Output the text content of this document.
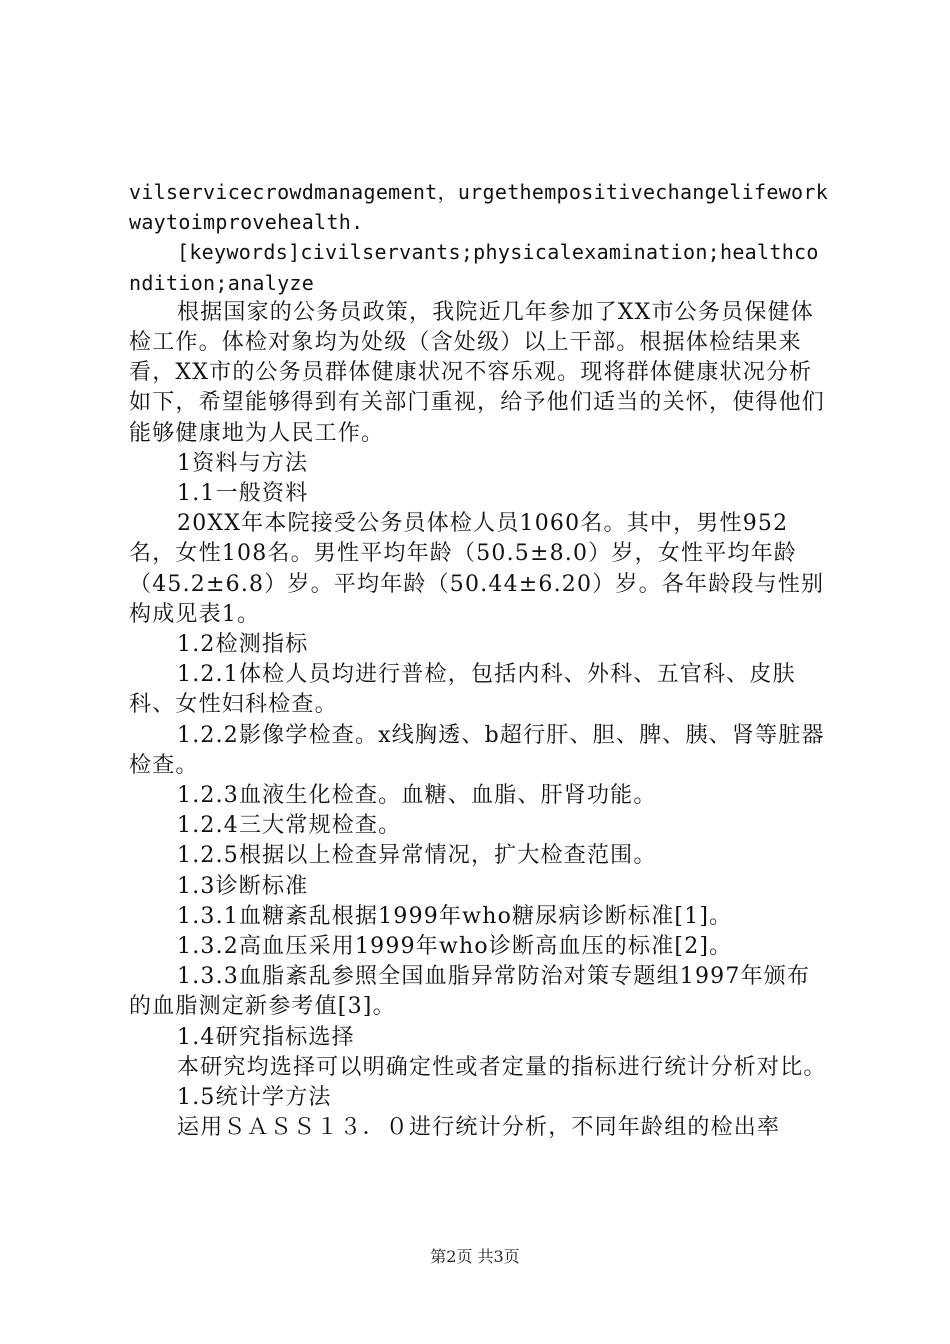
vilservicecrowdmanagement，urgethempositivechangelifeworkwaytoimprovehealth.

[keywords]civilservants;physicalexamination;healthcondition;analyze

根据国家的公务员政策，我院近几年参加了XX市公务员保健体检工作。体检对象均为处级（含处级）以上干部。根据体检结果来看，XX市的公务员群体健康状况不容乐观。现将群体健康状况分析如下，希望能够得到有关部门重视，给予他们适当的关怀，使得他们能够健康地为人民工作。

1资料与方法

1.1一般资料

20XX年本院接受公务员体检人员1060名。其中，男性952名，女性108名。男性平均年龄（50.5±8.0）岁，女性平均年龄（45.2±6.8）岁。平均年龄（50.44±6.20）岁。各年龄段与性别构成见表1。

1.2检测指标

1.2.1体检人员均进行普检，包括内科、外科、五官科、皮肤科、女性妇科检查。

1.2.2影像学检查。x线胸透、b超行肝、胆、脾、胰、肾等脏器检查。

1.2.3血液生化检查。血糖、血脂、肝肾功能。

1.2.4三大常规检查。

1.2.5根据以上检查异常情况，扩大检查范围。

1.3诊断标准

1.3.1血糖紊乱根据1999年who糖尿病诊断标准[1]。

1.3.2高血压采用1999年who诊断高血压的标准[2]。

1.3.3血脂紊乱参照全国血脂异常防治对策专题组1997年颁布的血脂测定新参考值[3]。

1.4研究指标选择

本研究均选择可以明确定性或者定量的指标进行统计分析对比。

1.5统计学方法

运用ＳＡＳＳ１３．０进行统计分析，不同年龄组的检出率

第2页 共3页
